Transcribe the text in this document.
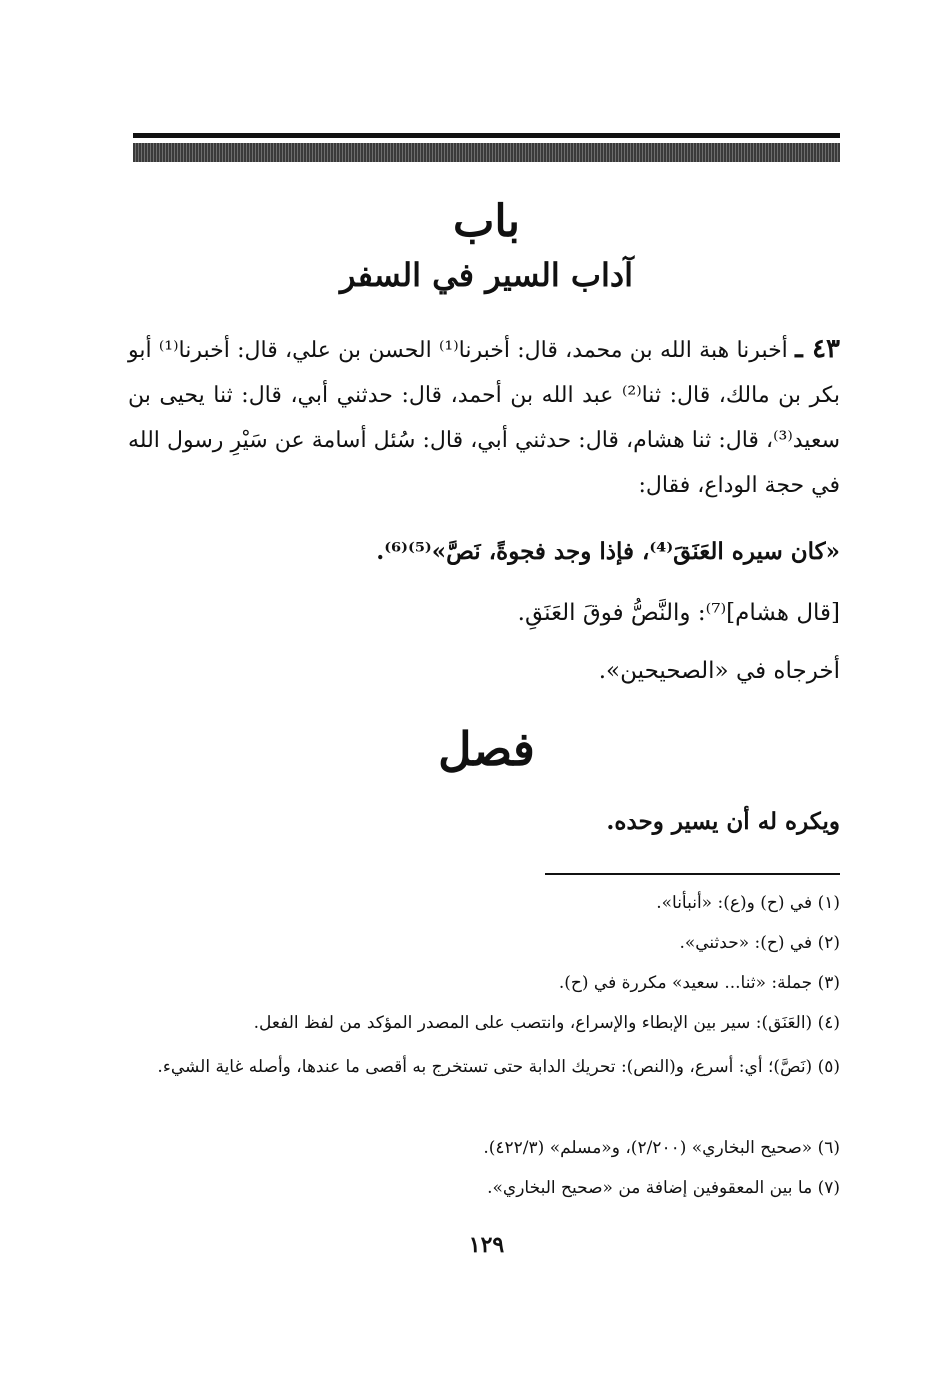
باب
آداب السير في السفر
٤٣ ـ أخبرنا هبة الله بن محمد، قال: أخبرنا⁽¹⁾ الحسن بن علي، قال: أخبرنا⁽¹⁾ أبو بكر بن مالك، قال: ثنا⁽²⁾ عبد الله بن أحمد، قال: حدثني أبي، قال: ثنا يحيى بن سعيد⁽³⁾، قال: ثنا هشام، قال: حدثني أبي، قال: سُئل أسامة عن سَيْرِ رسول الله في حجة الوداع، فقال:
«كان سيره العَنَقَ⁽⁴⁾، فإذا وجد فجوةً، نَصَّ»⁽⁵⁾⁽⁶⁾.
[قال هشام]⁽⁷⁾: والنَّصُّ فوقَ العَنَقِ.
أخرجاه في «الصحيحين».
فصل
ويكره له أن يسير وحده.
(١) في (ح) و(ع): «أنبأنا».
(٢) في (ح): «حدثني».
(٣) جملة: «ثنا... سعيد» مكررة في (ح).
(٤) (العَنَق): سير بين الإبطاء والإسراع، وانتصب على المصدر المؤكد من لفظ الفعل.
(٥) (نَصَّ)؛ أي: أسرع، و(النص): تحريك الدابة حتى تستخرج به أقصى ما عندها، وأصله غاية الشيء.
(٦) «صحيح البخاري» (٢/٢٠٠)، و«مسلم» (٤٢٢/٣).
(٧) ما بين المعقوفين إضافة من «صحيح البخاري».
١٢٩
